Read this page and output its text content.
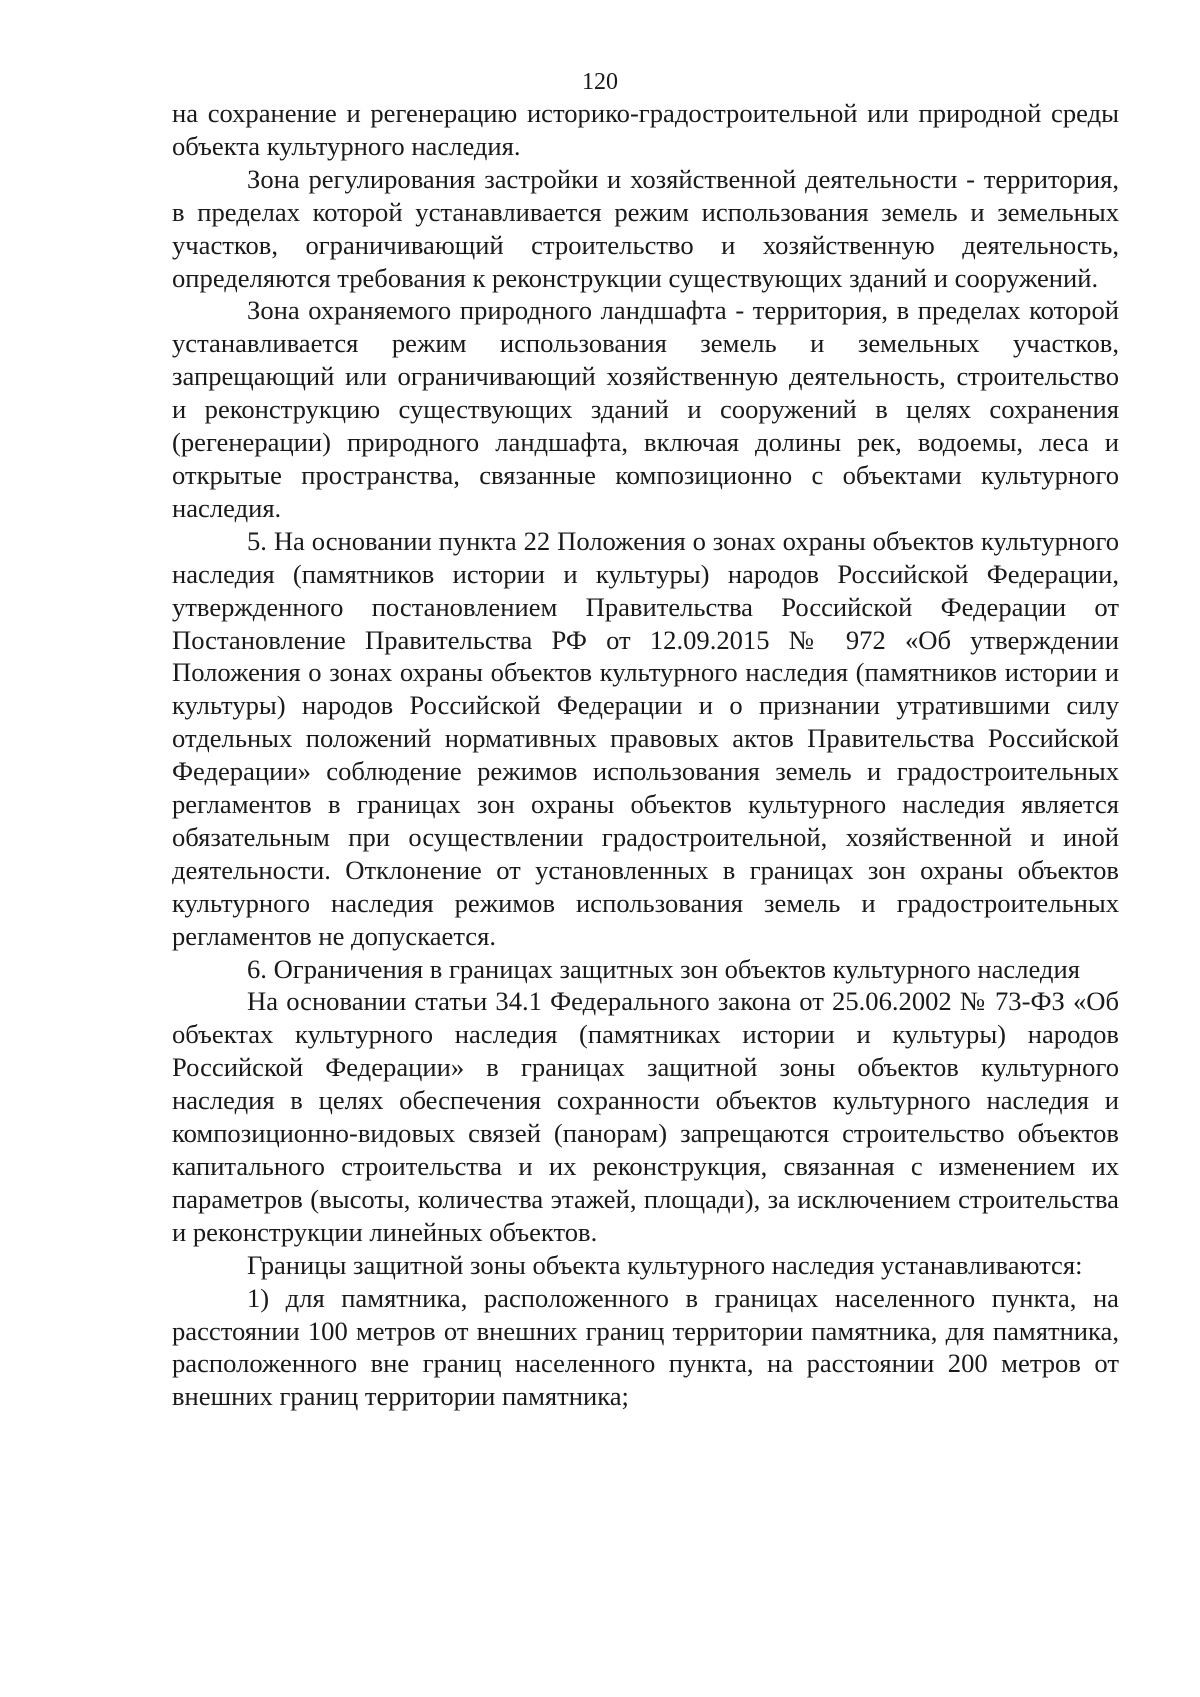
120

на сохранение и регенерацию историко-градостроительной или природной среды объекта культурного наследия.

Зона регулирования застройки и хозяйственной деятельности - территория, в пределах которой устанавливается режим использования земель и земельных участков, ограничивающий строительство и хозяйственную деятельность, определяются требования к реконструкции существующих зданий и сооружений.

Зона охраняемого природного ландшафта - территория, в пределах которой устанавливается режим использования земель и земельных участков, запрещающий или ограничивающий хозяйственную деятельность, строительство и реконструкцию существующих зданий и сооружений в целях сохранения (регенерации) природного ландшафта, включая долины рек, водоемы, леса и открытые пространства, связанные композиционно с объектами культурного наследия.

5. На основании пункта 22 Положения о зонах охраны объектов культурного наследия (памятников истории и культуры) народов Российской Федерации, утвержденного постановлением Правительства Российской Федерации от Постановление Правительства РФ от 12.09.2015 № 972 «Об утверждении Положения о зонах охраны объектов культурного наследия (памятников истории и культуры) народов Российской Федерации и о признании утратившими силу отдельных положений нормативных правовых актов Правительства Российской Федерации» соблюдение режимов использования земель и градостроительных регламентов в границах зон охраны объектов культурного наследия является обязательным при осуществлении градостроительной, хозяйственной и иной деятельности. Отклонение от установленных в границах зон охраны объектов культурного наследия режимов использования земель и градостроительных регламентов не допускается.

6. Ограничения в границах защитных зон объектов культурного наследия

На основании статьи 34.1 Федерального закона от 25.06.2002 № 73-ФЗ «Об объектах культурного наследия (памятниках истории и культуры) народов Российской Федерации» в границах защитной зоны объектов культурного наследия в целях обеспечения сохранности объектов культурного наследия и композиционно-видовых связей (панорам) запрещаются строительство объектов капитального строительства и их реконструкция, связанная с изменением их параметров (высоты, количества этажей, площади), за исключением строительства и реконструкции линейных объектов.

Границы защитной зоны объекта культурного наследия устанавливаются:

1) для памятника, расположенного в границах населенного пункта, на расстоянии 100 метров от внешних границ территории памятника, для памятника, расположенного вне границ населенного пункта, на расстоянии 200 метров от внешних границ территории памятника;
